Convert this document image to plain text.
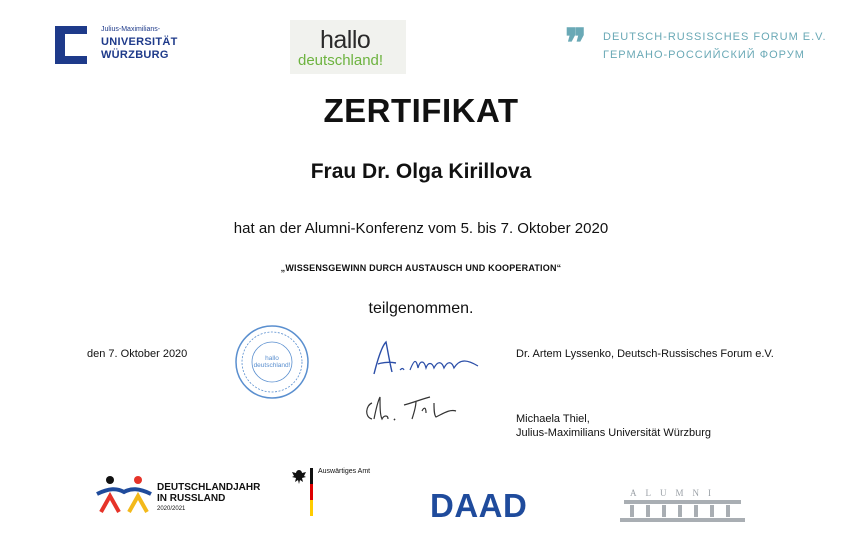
Julius-Maximilians-
UNIVERSITÄT
WÜRZBURG
hallo
deutschland!	❞ DEUTSCH-RUSSISCHES FORUM E.V.
ГЕРМАНО-РОССИЙСКИЙ ФОРУМ
ZERTIFIKAT
Frau Dr. Olga Kirillova
hat an der Alumni-Konferenz vom 5. bis 7. Oktober 2020
„WISSENSGEWINN DURCH AUSTAUSCH UND KOOPERATION“
teilgenommen.
den 7. Oktober 2020	hallo deutschland!
Dr. Artem Lyssenko, Deutsch-Russisches Forum e.V.
Michaela Thiel,
Julius-Maximilians Universität Würzburg
DEUTSCHLANDJAHR
IN RUSSLAND
2020/2021
Auswärtiges Amt
DAAD	ALUMNI
